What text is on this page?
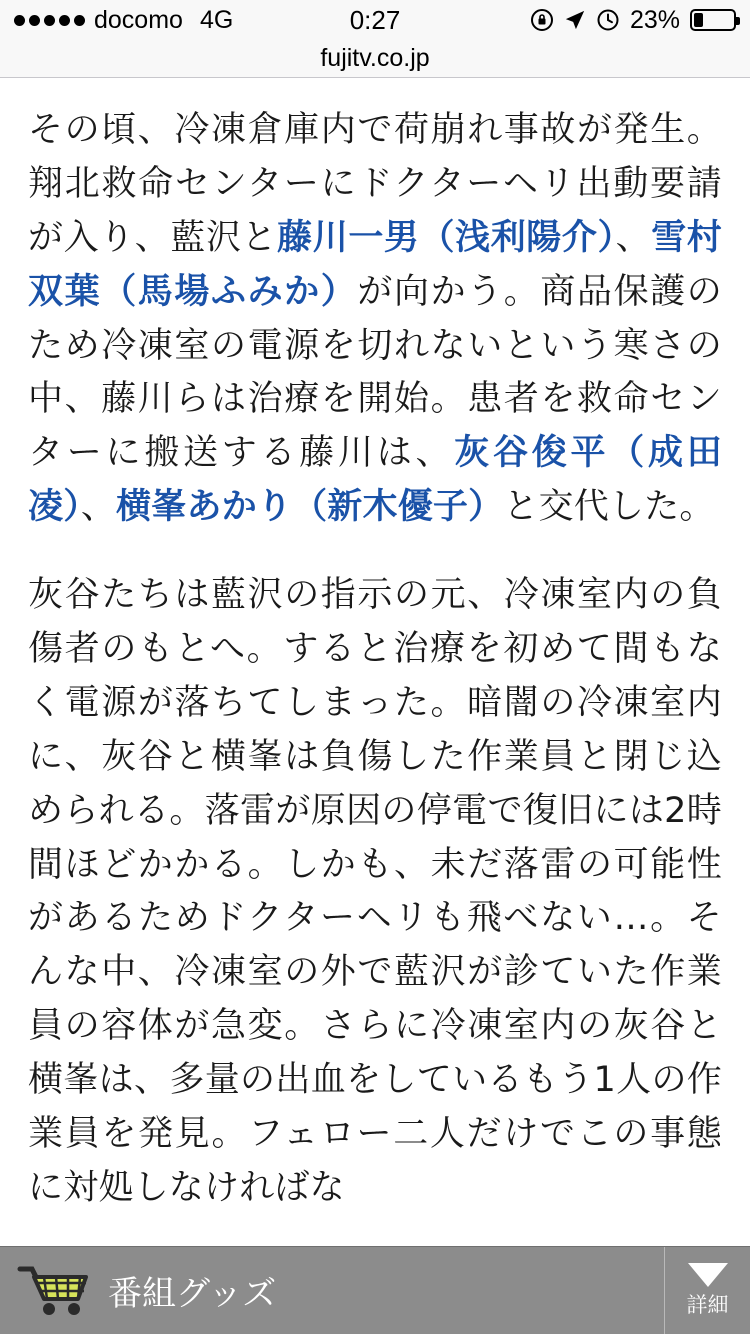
docomo 4G	0:27	23%
fujitv.co.jp

その頃、冷凍倉庫内で荷崩れ事故が発生。翔北救命センターにドクターヘリ出動要請が入り、藍沢と藤川一男（浅利陽介）、雪村双葉（馬場ふみか）が向かう。商品保護のため冷凍室の電源を切れないという寒さの中、藤川らは治療を開始。患者を救命センターに搬送する藤川は、灰谷俊平（成田凌）、横峯あかり（新木優子）と交代した。

灰谷たちは藍沢の指示の元、冷凍室内の負傷者のもとへ。すると治療を初めて間もなく電源が落ちてしまった。暗闇の冷凍室内に、灰谷と横峯は負傷した作業員と閉じ込められる。落雷が原因の停電で復旧には2時間ほどかかる。しかも、未だ落雷の可能性があるためドクターヘリも飛べない…。そんな中、冷凍室の外で藍沢が診ていた作業員の容体が急変。さらに冷凍室内の灰谷と横峯は、多量の出血をしているもう1人の作業員を発見。フェロー二人だけでこの事態に対処しなければな

番組グッズ	詳細
